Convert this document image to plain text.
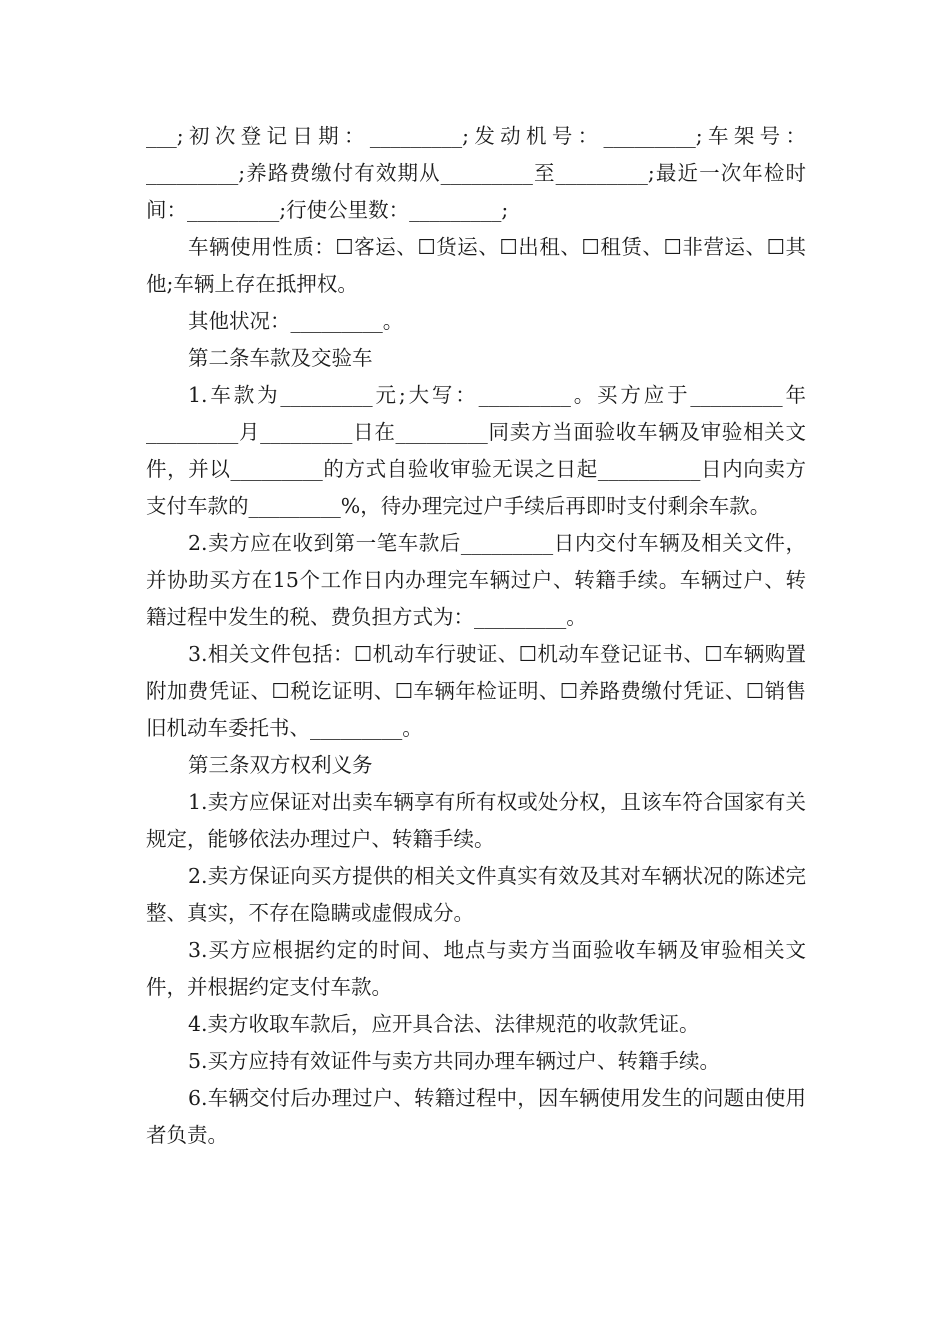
___;初次登记日期：_________;发动机号：_________;车架号：_________;养路费缴付有效期从_________至_________;最近一次年检时间：_________;行使公里数：_________;

车辆使用性质：☐客运、☐货运、☐出租、☐租赁、☐非营运、☐其他;车辆上存在抵押权。

其他状况：_________。

第二条车款及交验车

1.车款为_________元;大写：_________。买方应于_________年_________月_________日在_________同卖方当面验收车辆及审验相关文件，并以_________的方式自验收审验无误之日起__________日内向卖方支付车款的_________%，待办理完过户手续后再即时支付剩余车款。

2.卖方应在收到第一笔车款后_________日内交付车辆及相关文件，并协助买方在15个工作日内办理完车辆过户、转籍手续。车辆过户、转籍过程中发生的税、费负担方式为：_________。

3.相关文件包括：☐机动车行驶证、☐机动车登记证书、☐车辆购置附加费凭证、☐税讫证明、☐车辆年检证明、☐养路费缴付凭证、☐销售旧机动车委托书、_________。

第三条双方权利义务

1.卖方应保证对出卖车辆享有所有权或处分权，且该车符合国家有关规定，能够依法办理过户、转籍手续。

2.卖方保证向买方提供的相关文件真实有效及其对车辆状况的陈述完整、真实，不存在隐瞒或虚假成分。

3.买方应根据约定的时间、地点与卖方当面验收车辆及审验相关文件，并根据约定支付车款。

4.卖方收取车款后，应开具合法、法律规范的收款凭证。

5.买方应持有效证件与卖方共同办理车辆过户、转籍手续。

6.车辆交付后办理过户、转籍过程中，因车辆使用发生的问题由使用者负责。
